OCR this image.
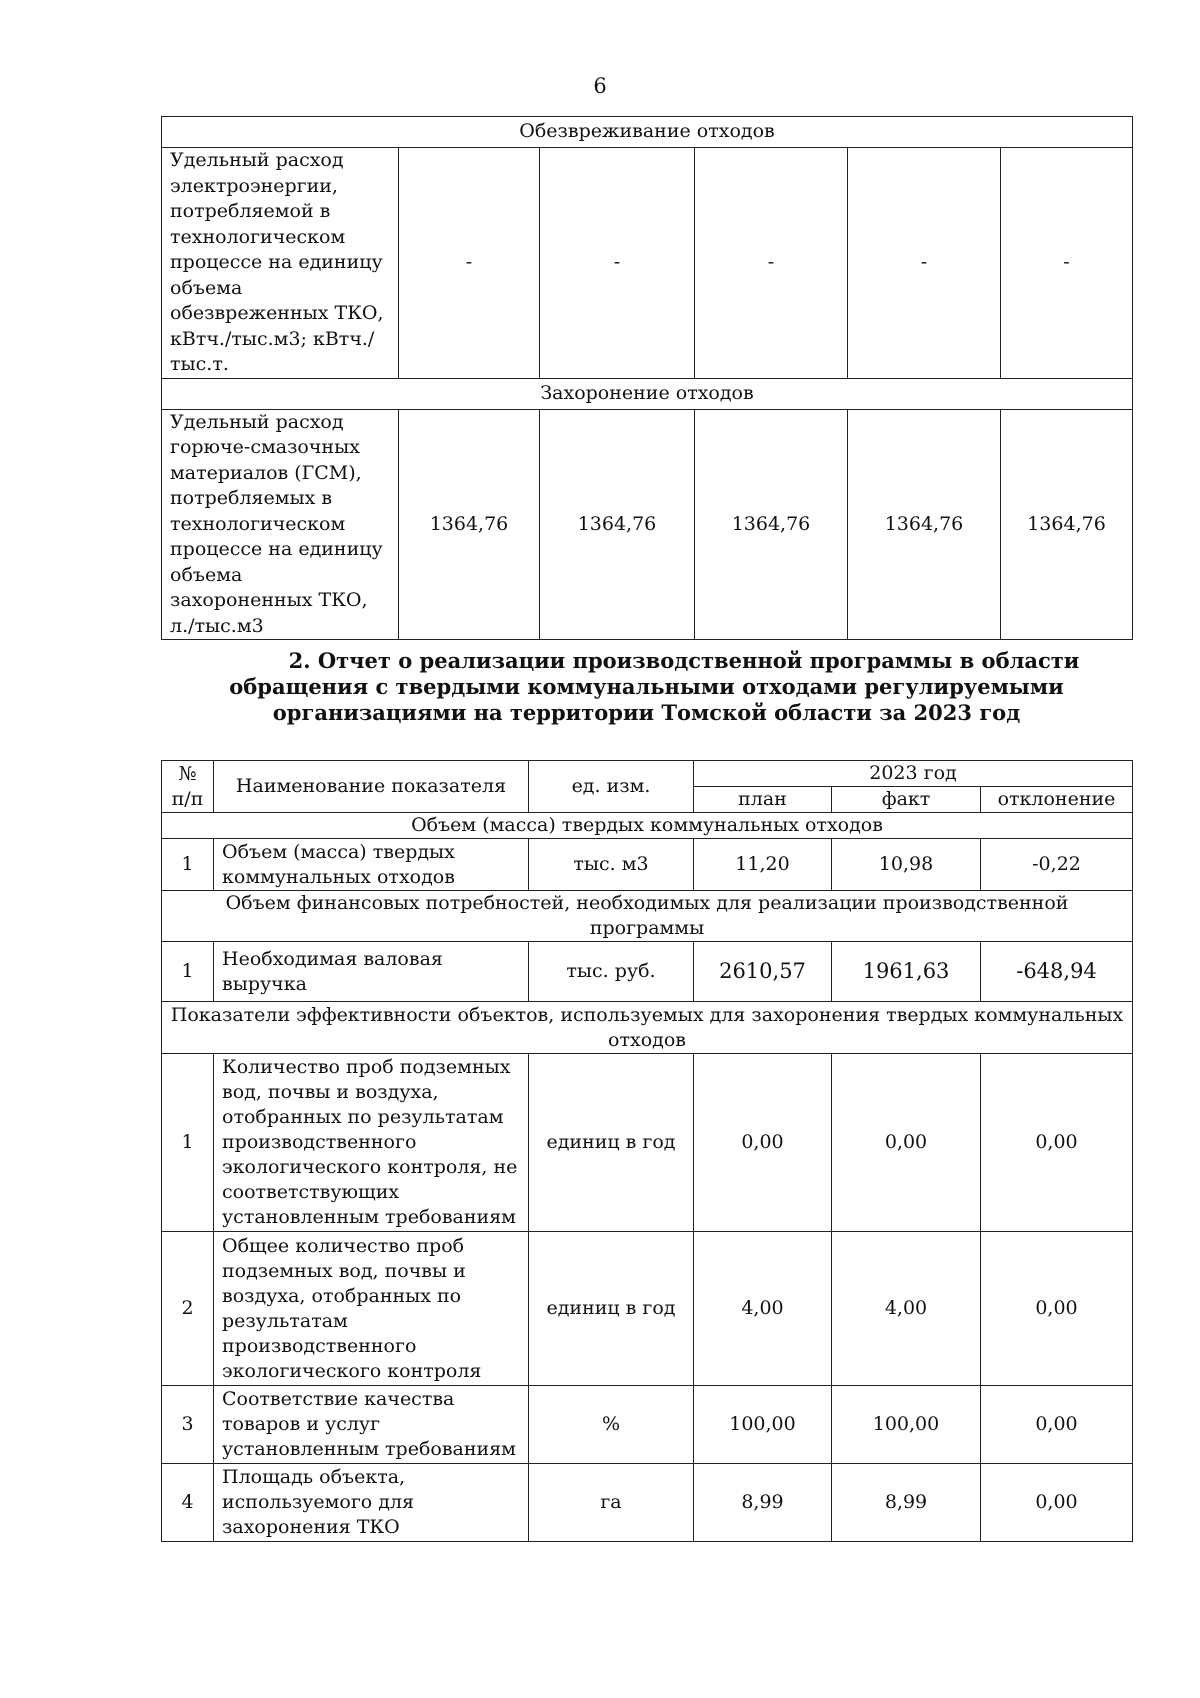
6
Обезвреживание отходов					
Удельный расход электроэнергии, потребляемой в технологическом процессе на единицу объема обезвреженных ТКО, кВтч./тыс.м3; кВтч./тыс.т.	-	-	-	-	-
Захоронение отходов					
Удельный расход горюче-смазочных материалов (ГСМ), потребляемых в технологическом процессе на единицу объема захороненных ТКО, л./тыс.м3	1364,76	1364,76	1364,76	1364,76	1364,76
2. Отчет о реализации производственной программы в области обращения с твердыми коммунальными отходами регулируемыми организациями на территории Томской области за 2023 год
№ п/п	Наименование показателя	ед. изм.	2023 год		
			план	факт	отклонение
Объем (масса) твердых коммунальных отходов					
1	Объем (масса) твердых коммунальных отходов	тыс. м3	11,20	10,98	-0,22
Объем финансовых потребностей, необходимых для реализации производственной программы					
1	Необходимая валовая выручка	тыс. руб.	2610,57	1961,63	-648,94
Показатели эффективности объектов, используемых для захоронения твердых коммунальных отходов					
1	Количество проб подземных вод, почвы и воздуха, отобранных по результатам производственного экологического контроля, не соответствующих установленным требованиям	единиц в год	0,00	0,00	0,00
2	Общее количество проб подземных вод, почвы и воздуха, отобранных по результатам производственного экологического контроля	единиц в год	4,00	4,00	0,00
3	Соответствие качества товаров и услуг установленным требованиям	%	100,00	100,00	0,00
4	Площадь объекта, используемого для захоронения ТКО	га	8,99	8,99	0,00
